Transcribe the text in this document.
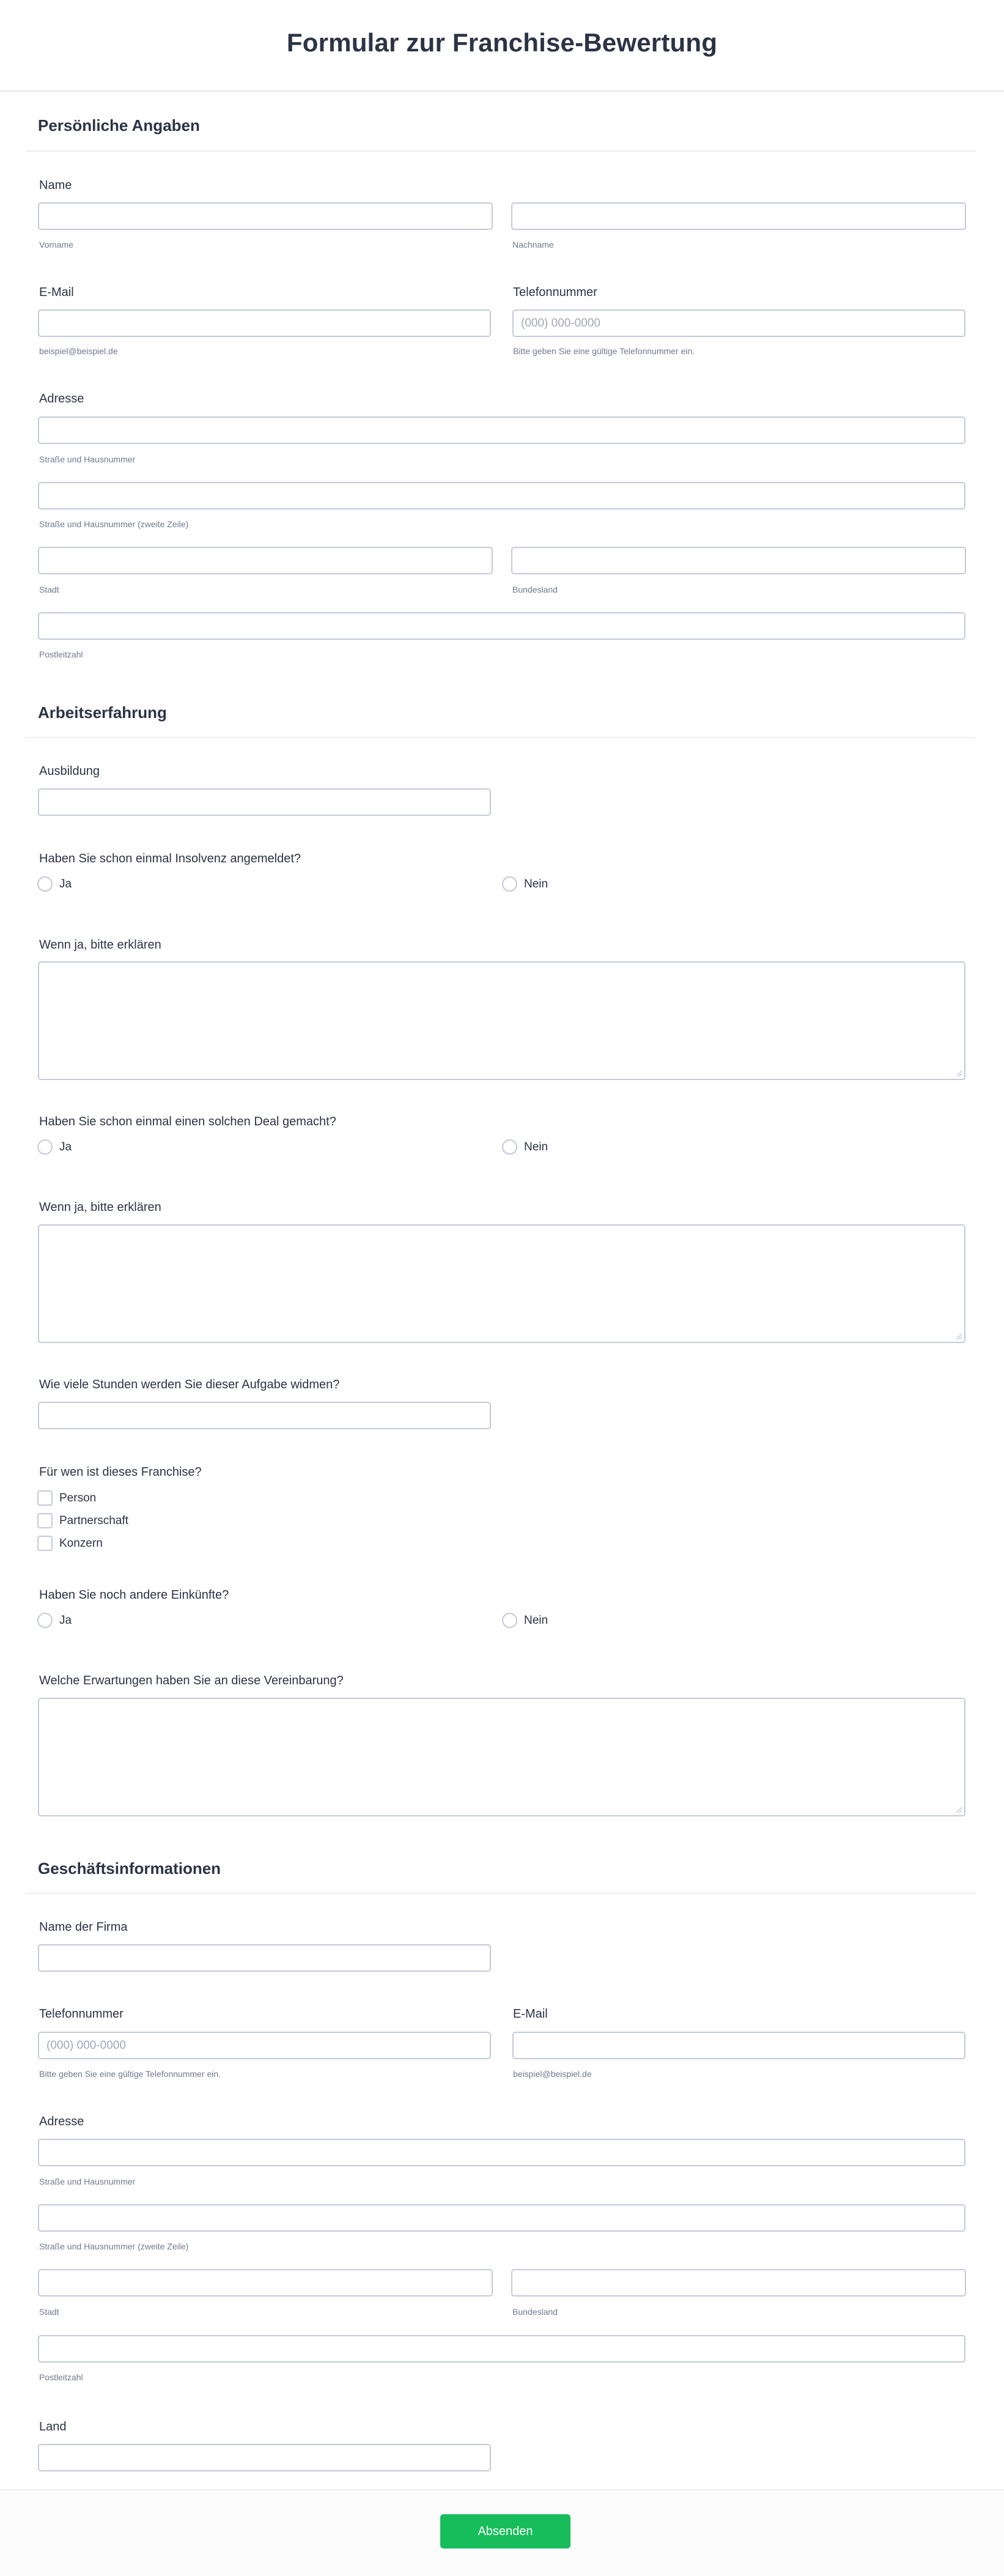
Formular zur Franchise-Bewertung
Persönliche Angaben
Name
Vorname	Nachname
E-Mail
beispiel@beispiel.de
Telefonnummer
(000) 000-0000
Bitte geben Sie eine gültige Telefonnummer ein.
Adresse
Straße und Hausnummer
Straße und Hausnummer (zweite Zeile)
Stadt	Bundesland
Postleitzahl
Arbeitserfahrung
Ausbildung
Haben Sie schon einmal Insolvenz angemeldet?
Ja	Nein
Wenn ja, bitte erklären
Haben Sie schon einmal einen solchen Deal gemacht?
Ja	Nein
Wenn ja, bitte erklären
Wie viele Stunden werden Sie dieser Aufgabe widmen?
Für wen ist dieses Franchise?
Person
Partnerschaft
Konzern
Haben Sie noch andere Einkünfte?
Ja	Nein
Welche Erwartungen haben Sie an diese Vereinbarung?
Geschäftsinformationen
Name der Firma
Telefonnummer
(000) 000-0000
Bitte geben Sie eine gültige Telefonnummer ein.
E-Mail
beispiel@beispiel.de
Adresse
Straße und Hausnummer
Straße und Hausnummer (zweite Zeile)
Stadt	Bundesland
Postleitzahl
Land
Absenden
